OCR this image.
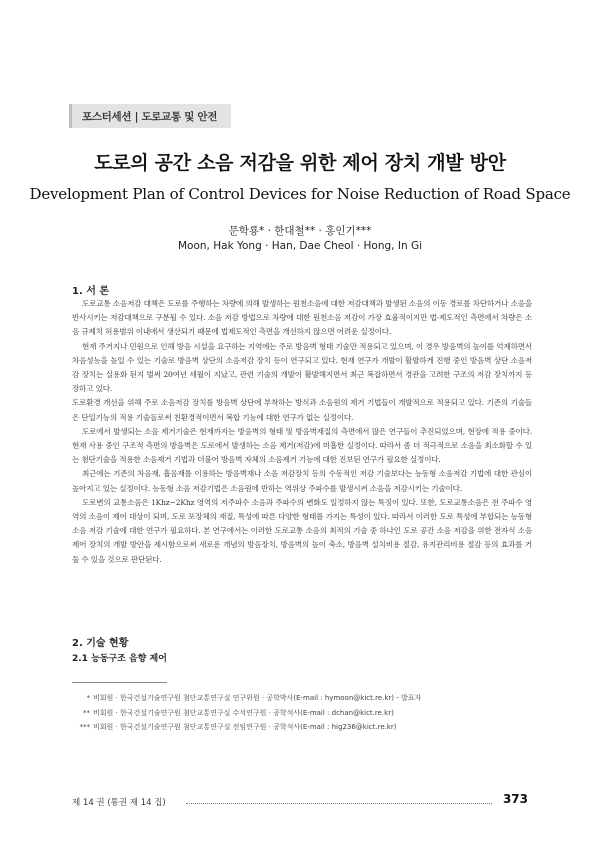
포스터세션 | 도로교통 및 안전
도로의 공간 소음 저감을 위한 제어 장치 개발 방안
Development Plan of Control Devices for Noise Reduction of Road Space
문학룡* · 한대철** · 홍인기***
Moon, Hak Yong · Han, Dae Cheol · Hong, In Gi
1. 서 론

도로교통 소음저감 대책은 도로를 주행하는 차량에 의해 발생하는 원천소음에 대한 저감대책과 발생된 소음의 이동 경로를 차단하거나 소음을 반사시키는 저감대책으로 구분될 수 있다. 소음 저감 방법으로 차량에 대한 원천소음 저감이 가장 효율적이지만 법·제도적인 측면에서 차량은 소음 규제치 허용범위 이내에서 생산되기 때문에 법제도적인 측면을 개선하지 않으면 어려운 실정이다.

현재 주거지나 민원으로 인해 방음 시설을 요구하는 지역에는 주로 방음벽 형태 기술만 적용되고 있으며, 이 경우 방음벽의 높이를 억제하면서 차음성능을 높일 수 있는 기술로 방음벽 상단의 소음저감 장치 등이 연구되고 있다. 현재 연구가 개발이 활발하게 진행 중인 방음벽 상단 소음저감 장치는 실용화 된지 벌써 20여년 세월이 지났고, 관련 기술의 개발이 활발해지면서 최근 복잡하면서 경관을 고려한 구조의 저감 장치까지 등장하고 있다.

도로환경 개선을 위해 주로 소음저감 장치를 방음벽 상단에 부착하는 방식과 소음원의 제거 기법들이 개발적으로 적용되고 있다. 기존의 기술들은 단일기능의 적용 기술들로써 친환경적이면서 복합 기능에 대한 연구가 없는 실정이다.

도로에서 발생되는 소음 제거기술은 현재까지는 방음벽의 형태 및 방음벽재질의 측면에서 많은 연구들이 추진되었으며, 현장에 적용 중이다. 현재 사용 중인 구조적 측면의 방음벽은 도로에서 발생하는 소음 제거(저감)에 미흡한 실정이다. 따라서 좀 더 적극적으로 소음을 최소화할 수 있는 첨단기술을 적용한 소음제거 기법과 더불어 방음벽 자체의 소음제거 기능에 대한 진보된 연구가 필요한 실정이다.

최근에는 기존의 차음재, 흡음재를 이용하는 방음벽재나 소음 저감장치 등의 수동적인 저감 기술보다는 능동형 소음저감 기법에 대한 관심이 높아지고 있는 실정이다. 능동형 소음 저감기법은 소음원에 반하는 역위상 주파수를 발생시켜 소음을 저감시키는 기술이다.

도로변의 교통소음은 1Khz~2Khz 영역의 저주파수 소음과 주파수의 변화도 일정하지 않는 특징이 있다. 또한, 도로교통소음은 전 주파수 영역의 소음이 제어 대상이 되며, 도로 포장체의 재질, 특성에 따른 다양한 형태를 가지는 특성이 있다. 따라서 이러한 도로 특성에 부합되는 능동형 소음 저감 기술에 대한 연구가 필요하다. 본 연구에서는 이러한 도로교통 소음의 최적의 기술 중 하나인 도로 공간 소음 저감을 위한 전자식 소음 제어 장치의 개발 방안을 제시함으로써 새로운 개념의 방음장치, 방음벽의 높이 축소, 방음벽 설치비용 절감, 유지관리비용 절감 등의 효과를 거둘 수 있을 것으로 판단된다.

2. 기술 현황
2.1 능동구조 음향 제어
* 비회원 · 한국건설기술연구원 첨단교통연구실 연구위원 · 공학박사(E-mail : hymoon@kict.re.kr) - 발표자
** 비회원 · 한국건설기술연구원 첨단교통연구실 수석연구원 · 공학석사(E-mail : dchan@kict.re.kr)
*** 비회원 · 한국건설기술연구원 첨단교통연구실 전임연구원 · 공학석사(E-mail : hig236@kict.re.kr)
제 14 권 (통권 제 14 집)	373
